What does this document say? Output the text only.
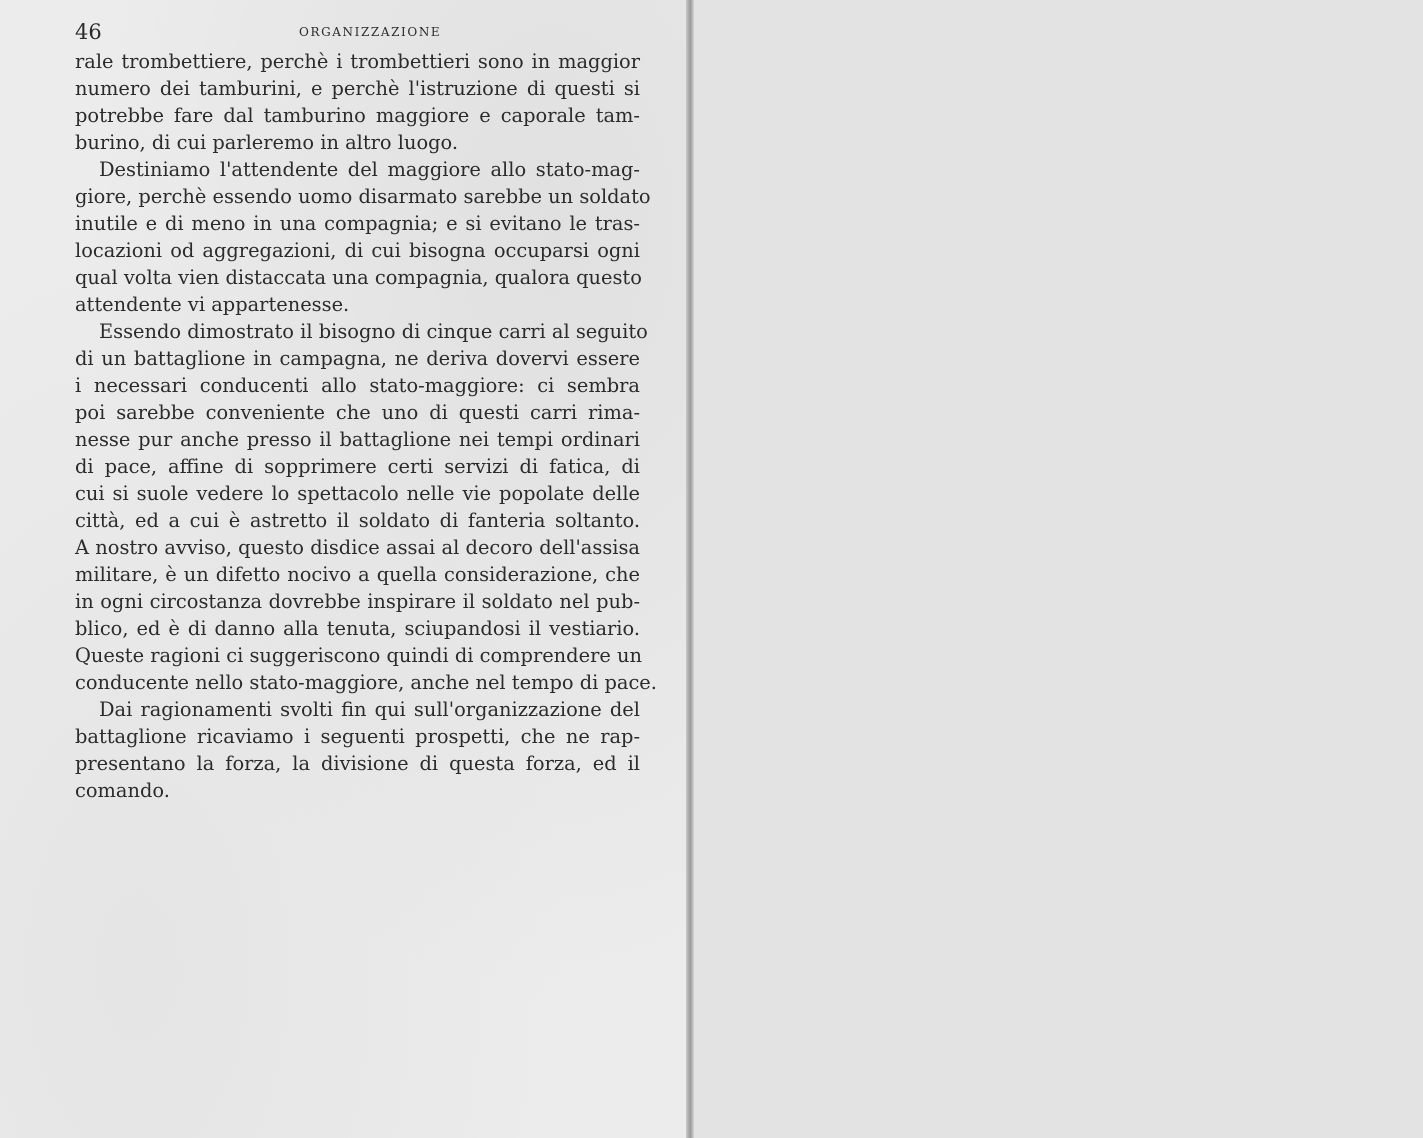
46	ORGANIZZAZIONE

rale trombettiere, perchè i trombettieri sono in maggior
numero dei tamburini, e perchè l'istruzione di questi si
potrebbe fare dal tamburino maggiore e caporale tam-
burino, di cui parleremo in altro luogo.

Destiniamo l'attendente del maggiore allo stato-mag-
giore, perchè essendo uomo disarmato sarebbe un soldato
inutile e di meno in una compagnia; e si evitano le tras-
locazioni od aggregazioni, di cui bisogna occuparsi ogni
qual volta vien distaccata una compagnia, qualora questo
attendente vi appartenesse.

Essendo dimostrato il bisogno di cinque carri al seguito
di un battaglione in campagna, ne deriva dovervi essere
i necessari conducenti allo stato-maggiore: ci sembra
poi sarebbe conveniente che uno di questi carri rima-
nesse pur anche presso il battaglione nei tempi ordinari
di pace, affine di sopprimere certi servizi di fatica, di
cui si suole vedere lo spettacolo nelle vie popolate delle
città, ed a cui è astretto il soldato di fanteria soltanto.
A nostro avviso, questo disdice assai al decoro dell'assisa
militare, è un difetto nocivo a quella considerazione, che
in ogni circostanza dovrebbe inspirare il soldato nel pub-
blico, ed è di danno alla tenuta, sciupandosi il vestiario.
Queste ragioni ci suggeriscono quindi di comprendere un
conducente nello stato-maggiore, anche nel tempo di pace.

Dai ragionamenti svolti fin qui sull'organizzazione del
battaglione ricaviamo i seguenti prospetti, che ne rap-
presentano la forza, la divisione di questa forza, ed il
comando.
